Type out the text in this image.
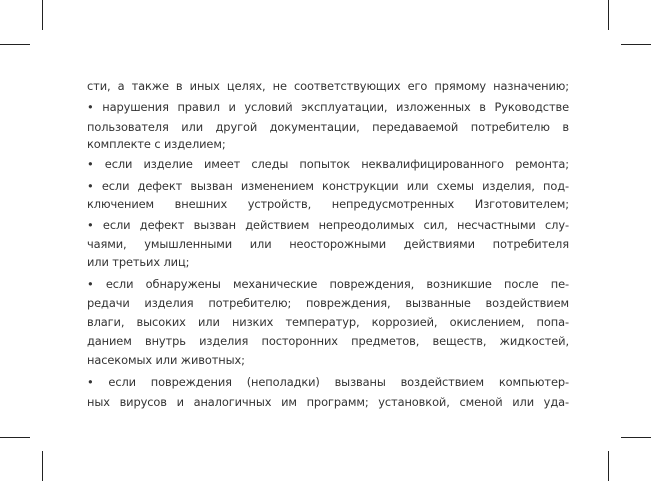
сти, а также в иных целях, не соответствующих его прямому назначению;
• нарушения правил и условий эксплуатации, изложенных в Руководстве
пользователя или другой документации, передаваемой потребителю в
комплекте с изделием;
• если изделие имеет следы попыток неквалифицированного ремонта;
• если дефект вызван изменением конструкции или схемы изделия, под-
ключением внешних устройств, непредусмотренных Изготовителем;
• если дефект вызван действием непреодолимых сил, несчастными слу-
чаями, умышленными или неосторожными действиями потребителя
или третьих лиц;
• если обнаружены механические повреждения, возникшие после пе-
редачи изделия потребителю; повреждения, вызванные воздействием
влаги, высоких или низких температур, коррозией, окислением, попа-
данием внутрь изделия посторонних предметов, веществ, жидкостей,
насекомых или животных;
• если повреждения (неполадки) вызваны воздействием компьютер-
ных вирусов и аналогичных им программ; установкой, сменой или уда-
